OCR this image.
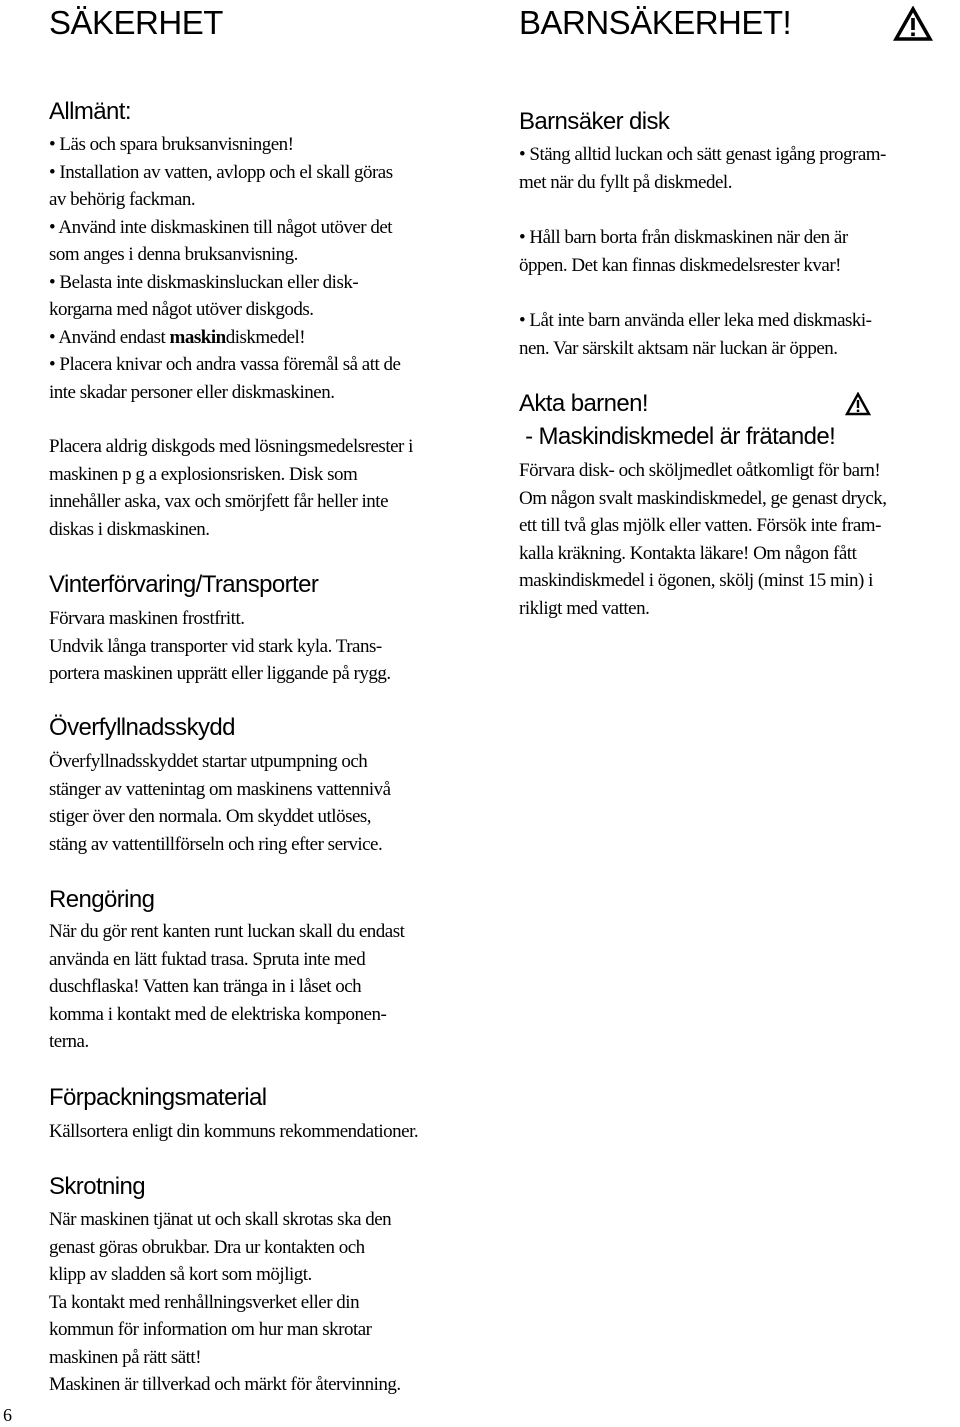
SÄKERHET	BARNSÄKERHET!
Allmänt:
• Läs och spara bruksanvisningen!
• Installation av vatten, avlopp och el skall göras
av behörig fackman.
• Använd inte diskmaskinen till något utöver det
som anges i denna bruksanvisning.
• Belasta inte diskmaskinsluckan eller disk-
korgarna med något utöver diskgods.
• Använd endast maskindiskmedel!
• Placera knivar och andra vassa föremål så att de
inte skadar personer eller diskmaskinen.
Placera aldrig diskgods med lösningsmedelsrester i
maskinen p g a explosionsrisken. Disk som
innehåller aska, vax och smörjfett får heller inte
diskas i diskmaskinen.
Vinterförvaring/Transporter
Förvara maskinen frostfritt.
Undvik långa transporter vid stark kyla. Trans-
portera maskinen upprätt eller liggande på rygg.
Överfyllnadsskydd
Överfyllnadsskyddet startar utpumpning och
stänger av vattenintag om maskinens vattennivå
stiger över den normala. Om skyddet utlöses,
stäng av vattentillförseln och ring efter service.
Rengöring
När du gör rent kanten runt luckan skall du endast
använda en lätt fuktad trasa. Spruta inte med
duschflaska! Vatten kan tränga in i låset och
komma i kontakt med de elektriska komponen-
terna.
Förpackningsmaterial
Källsortera enligt din kommuns rekommendationer.
Skrotning
När maskinen tjänat ut och skall skrotas ska den
genast göras obrukbar. Dra ur kontakten och
klipp av sladden så kort som möjligt.
Ta kontakt med renhållningsverket eller din
kommun för information om hur man skrotar
maskinen på rätt sätt!
Maskinen är tillverkad och märkt för återvinning.
6
Barnsäker disk
• Stäng alltid luckan och sätt genast igång program-
met när du fyllt på diskmedel.
• Håll barn borta från diskmaskinen när den är
öppen. Det kan finnas diskmedelsrester kvar!
• Låt inte barn använda eller leka med diskmaski-
nen. Var särskilt aktsam när luckan är öppen.
Akta barnen!
- Maskindiskmedel är frätande!
Förvara disk- och sköljmedlet oåtkomligt för barn!
Om någon svalt maskindiskmedel, ge genast dryck,
ett till två glas mjölk eller vatten. Försök inte fram-
kalla kräkning. Kontakta läkare! Om någon fått
maskindiskmedel i ögonen, skölj (minst 15 min) i
rikligt med vatten.
